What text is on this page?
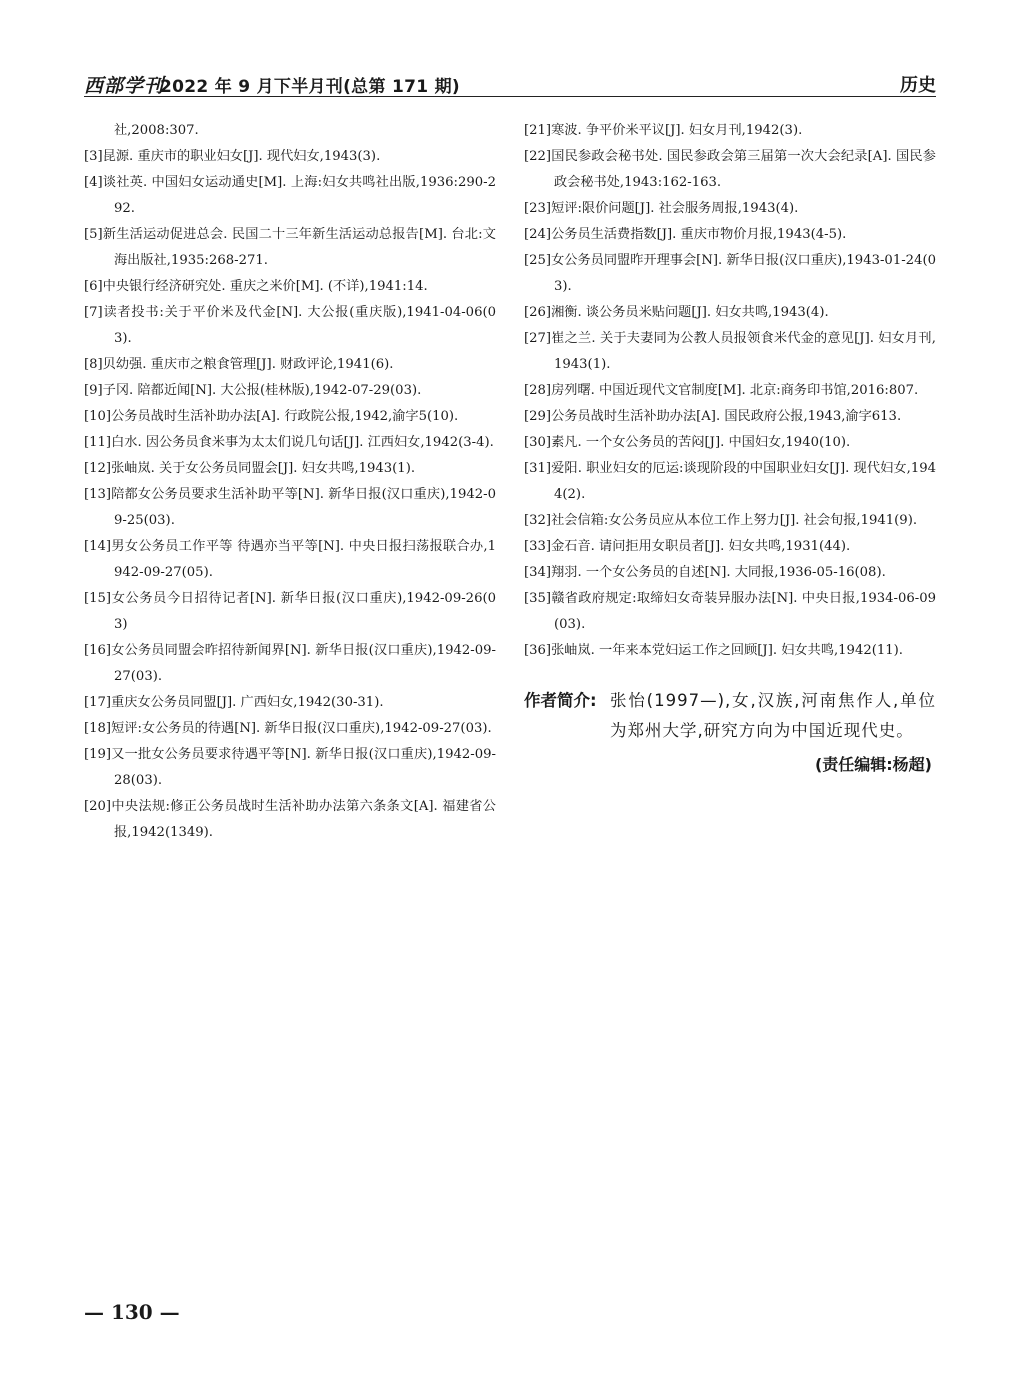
西部学刊
2022 年 9 月下半月刊(总第 171 期)	历史
社,2008:307.
[3]昆源. 重庆市的职业妇女[J]. 现代妇女,1943(3).
[4]谈社英. 中国妇女运动通史[M]. 上海:妇女共鸣社出版,1936:290-292.
[5]新生活运动促进总会. 民国二十三年新生活运动总报告[M]. 台北:文海出版社,1935:268-271.
[6]中央银行经济研究处. 重庆之米价[M]. (不详),1941:14.
[7]读者投书:关于平价米及代金[N]. 大公报(重庆版),1941-04-06(03).
[8]贝幼强. 重庆市之粮食管理[J]. 财政评论,1941(6).
[9]子冈. 陪都近闻[N]. 大公报(桂林版),1942-07-29(03).
[10]公务员战时生活补助办法[A]. 行政院公报,1942,渝字5(10).
[11]白水. 因公务员食米事为太太们说几句话[J]. 江西妇女,1942(3-4).
[12]张岫岚. 关于女公务员同盟会[J]. 妇女共鸣,1943(1).
[13]陪都女公务员要求生活补助平等[N]. 新华日报(汉口重庆),1942-09-25(03).
[14]男女公务员工作平等 待遇亦当平等[N]. 中央日报扫荡报联合办,1942-09-27(05).
[15]女公务员今日招待记者[N]. 新华日报(汉口重庆),1942-09-26(03)
[16]女公务员同盟会昨招待新闻界[N]. 新华日报(汉口重庆),1942-09-27(03).
[17]重庆女公务员同盟[J]. 广西妇女,1942(30-31).
[18]短评:女公务员的待遇[N]. 新华日报(汉口重庆),1942-09-27(03).
[19]又一批女公务员要求待遇平等[N]. 新华日报(汉口重庆),1942-09-28(03).
[20]中央法规:修正公务员战时生活补助办法第六条条文[A]. 福建省公报,1942(1349).
[21]寒波. 争平价米平议[J]. 妇女月刊,1942(3).
[22]国民参政会秘书处. 国民参政会第三届第一次大会纪录[A]. 国民参政会秘书处,1943:162-163.
[23]短评:限价问题[J]. 社会服务周报,1943(4).
[24]公务员生活费指数[J]. 重庆市物价月报,1943(4-5).
[25]女公务员同盟昨开理事会[N]. 新华日报(汉口重庆),1943-01-24(03).
[26]湘衡. 谈公务员米贴问题[J]. 妇女共鸣,1943(4).
[27]崔之兰. 关于夫妻同为公教人员报领食米代金的意见[J]. 妇女月刊,1943(1).
[28]房列曙. 中国近现代文官制度[M]. 北京:商务印书馆,2016:807.
[29]公务员战时生活补助办法[A]. 国民政府公报,1943,渝字613.
[30]素凡. 一个女公务员的苦闷[J]. 中国妇女,1940(10).
[31]爱阳. 职业妇女的厄运:谈现阶段的中国职业妇女[J]. 现代妇女,1944(2).
[32]社会信箱:女公务员应从本位工作上努力[J]. 社会旬报,1941(9).
[33]金石音. 请问拒用女职员者[J]. 妇女共鸣,1931(44).
[34]翔羽. 一个女公务员的自述[N]. 大同报,1936-05-16(08).
[35]赣省政府规定:取缔妇女奇装异服办法[N]. 中央日报,1934-06-09(03).
[36]张岫岚. 一年来本党妇运工作之回顾[J]. 妇女共鸣,1942(11).
作者简介: 张怡(1997—),女,汉族,河南焦作人,单位为郑州大学,研究方向为中国近现代史。
(责任编辑:杨超)
— 130 —
